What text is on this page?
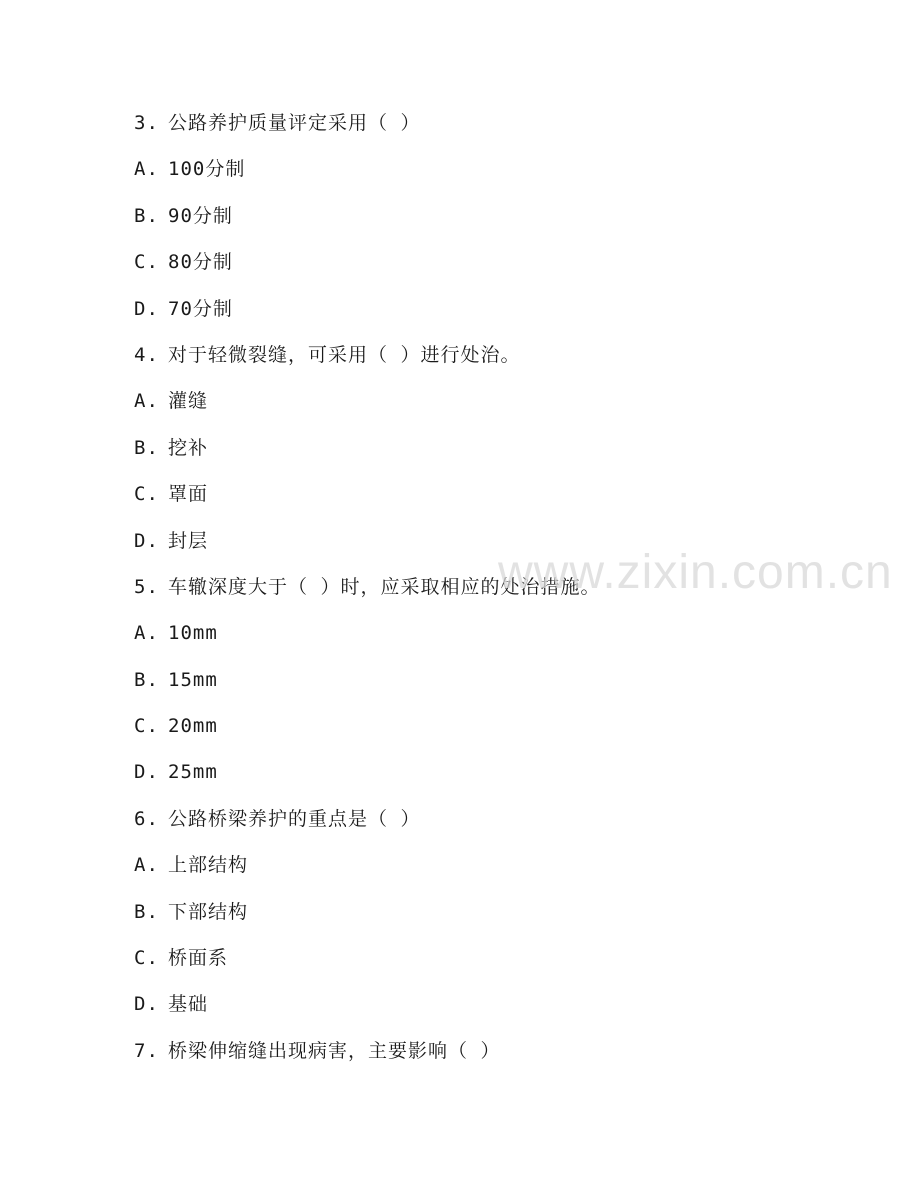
3. 公路养护质量评定采用（ ）
A. 100分制
B. 90分制
C. 80分制
D. 70分制
4. 对于轻微裂缝，可采用（ ）进行处治。
A. 灌缝
B. 挖补
C. 罩面
D. 封层
5. 车辙深度大于（ ）时，应采取相应的处治措施。
A. 10mm
B. 15mm
C. 20mm
D. 25mm
6. 公路桥梁养护的重点是（ ）
A. 上部结构
B. 下部结构
C. 桥面系
D. 基础
7. 桥梁伸缩缝出现病害，主要影响（ ）
www.zixin.com.cn
